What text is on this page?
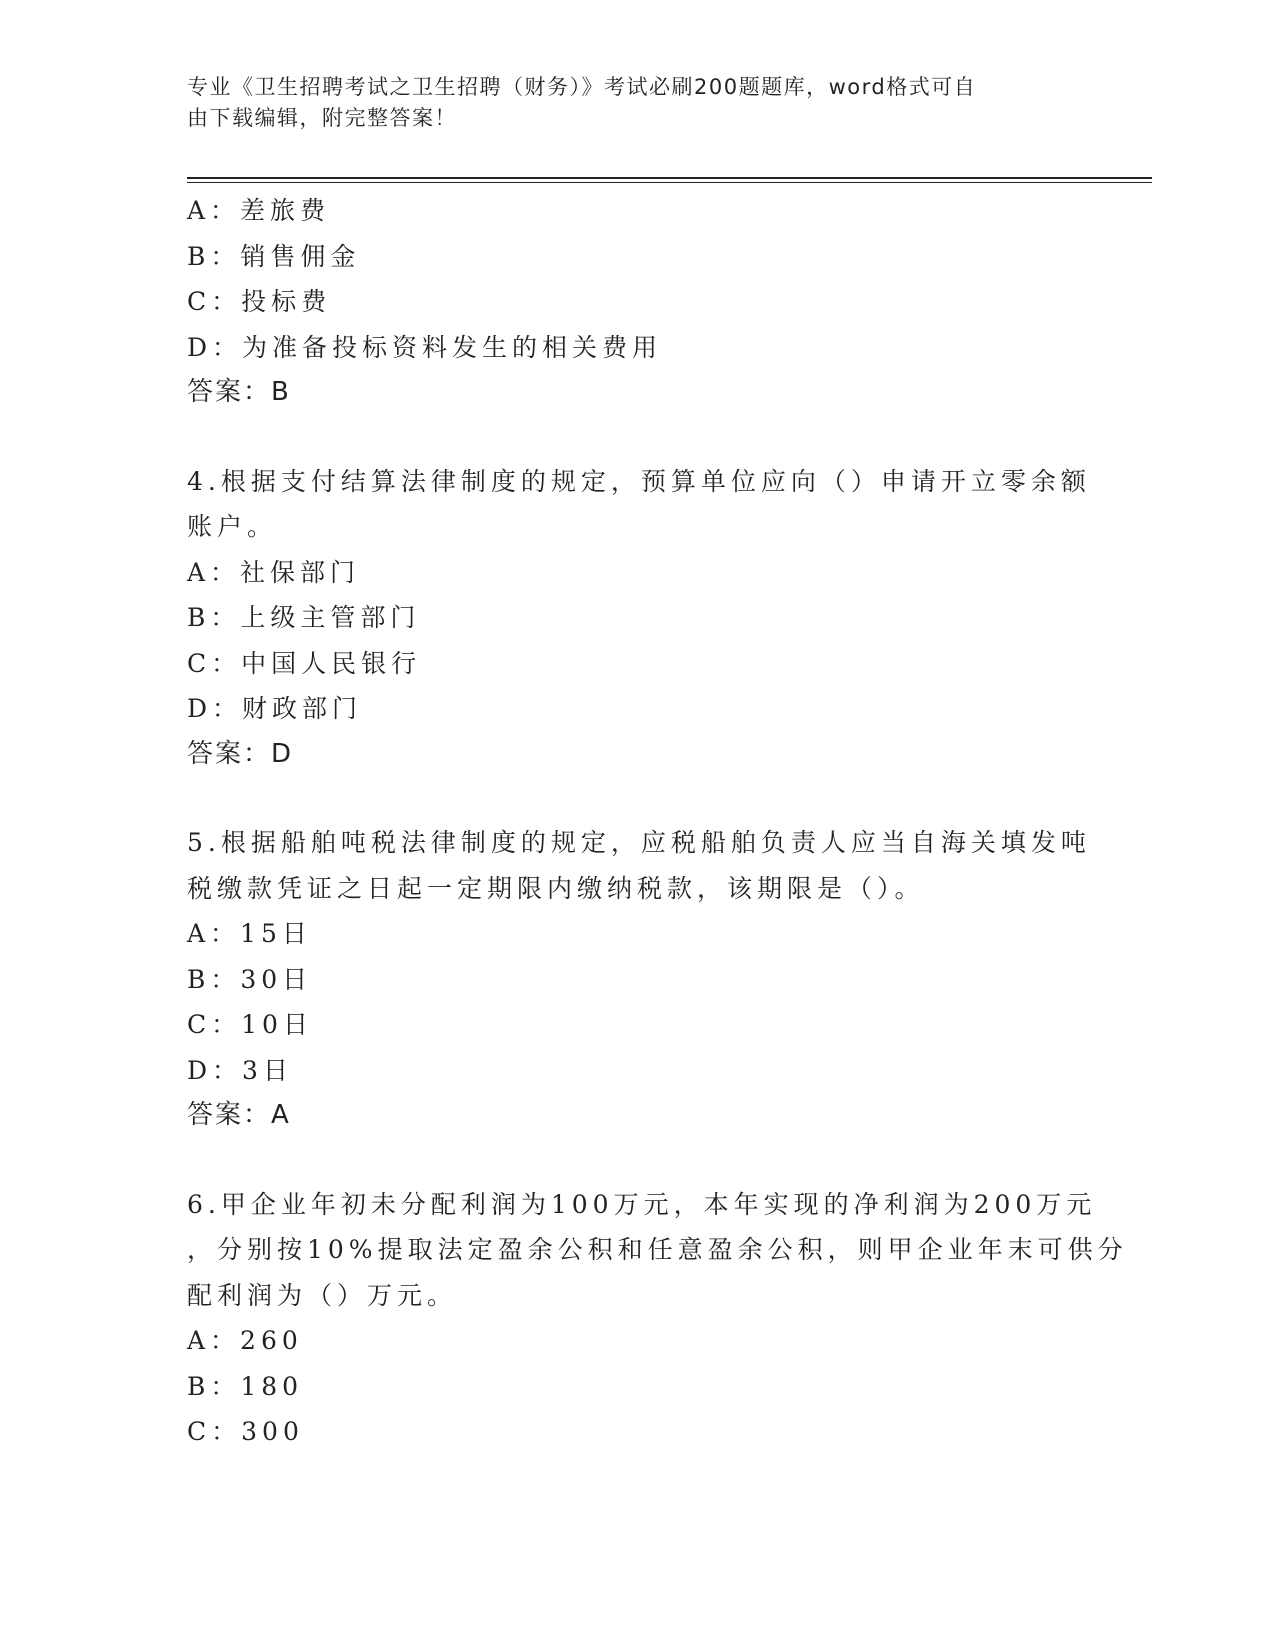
专业《卫生招聘考试之卫生招聘（财务）》考试必刷200题题库，word格式可自
由下载编辑，附完整答案！
A：差旅费
B：销售佣金
C：投标费
D：为准备投标资料发生的相关费用
答案：B
4.根据支付结算法律制度的规定，预算单位应向（）申请开立零余额
账户。
A：社保部门
B：上级主管部门
C：中国人民银行
D：财政部门
答案：D
5.根据船舶吨税法律制度的规定，应税船舶负责人应当自海关填发吨
税缴款凭证之日起一定期限内缴纳税款，该期限是（）。
A：15日
B：30日
C：10日
D：3日
答案：A
6.甲企业年初未分配利润为100万元，本年实现的净利润为200万元
，分别按10%提取法定盈余公积和任意盈余公积，则甲企业年末可供分
配利润为（）万元。
A：260
B：180
C：300
